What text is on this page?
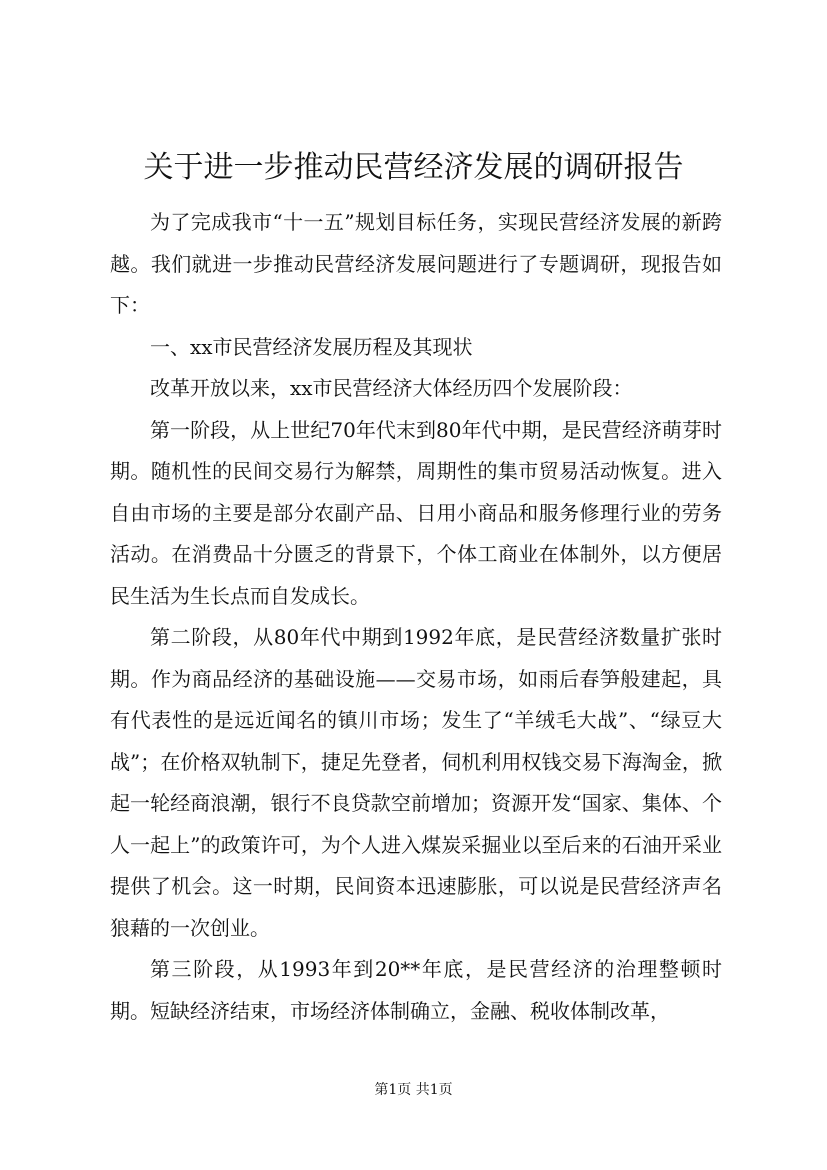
关于进一步推动民营经济发展的调研报告

为了完成我市“十一五”规划目标任务，实现民营经济发展的新跨越。我们就进一步推动民营经济发展问题进行了专题调研，现报告如下：

一、xx市民营经济发展历程及其现状

改革开放以来，xx市民营经济大体经历四个发展阶段：

第一阶段，从上世纪70年代末到80年代中期，是民营经济萌芽时期。随机性的民间交易行为解禁，周期性的集市贸易活动恢复。进入自由市场的主要是部分农副产品、日用小商品和服务修理行业的劳务活动。在消费品十分匮乏的背景下，个体工商业在体制外，以方便居民生活为生长点而自发成长。

第二阶段，从80年代中期到1992年底，是民营经济数量扩张时期。作为商品经济的基础设施——交易市场，如雨后春笋般建起，具有代表性的是远近闻名的镇川市场；发生了“羊绒毛大战”、“绿豆大战”；在价格双轨制下，捷足先登者，伺机利用权钱交易下海淘金，掀起一轮经商浪潮，银行不良贷款空前增加；资源开发“国家、集体、个人一起上”的政策许可，为个人进入煤炭采掘业以至后来的石油开采业提供了机会。这一时期，民间资本迅速膨胀，可以说是民营经济声名狼藉的一次创业。

第三阶段，从1993年到20**年底，是民营经济的治理整顿时期。短缺经济结束，市场经济体制确立，金融、税收体制改革，

第1页 共1页
